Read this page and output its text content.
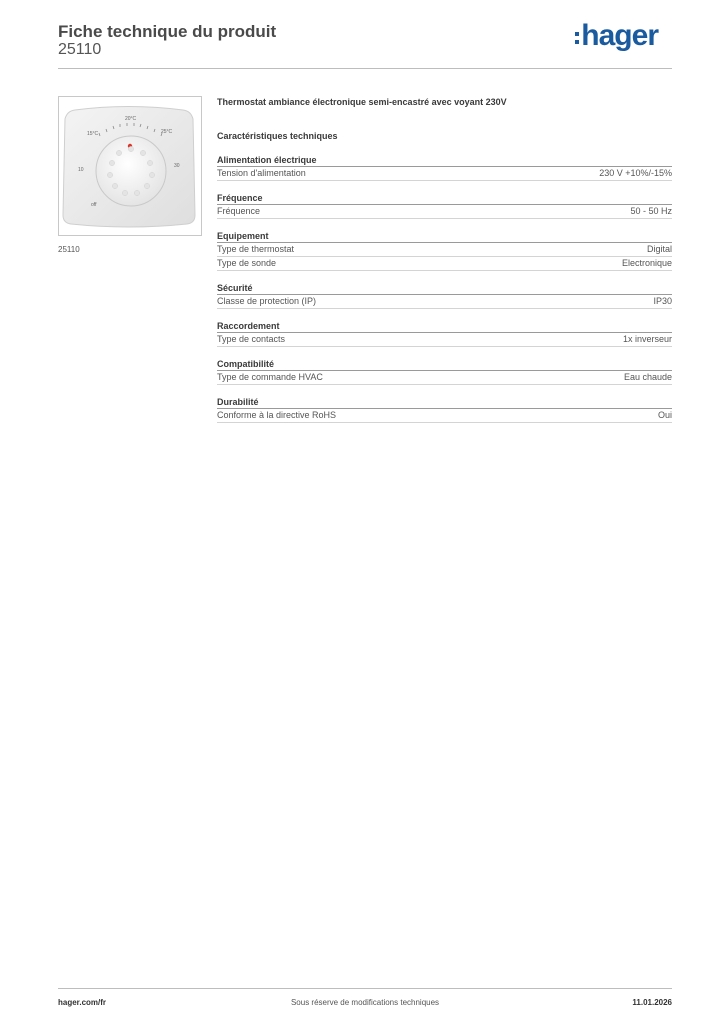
Fiche technique du produit
25110	hager
20°C
15°C	25°C
10
30
off
25110
Thermostat ambiance électronique semi-encastré avec voyant 230V
Caractéristiques techniques
Alimentation électrique
Tension d'alimentation	230 V +10%/-15%
Fréquence
Fréquence	50 - 50 Hz
Equipement
Type de thermostat	Digital
Type de sonde	Electronique
Sécurité
Classe de protection (IP)	IP30
Raccordement
Type de contacts	1x inverseur
Compatibilité
Type de commande HVAC	Eau chaude
Durabilité
Conforme à la directive RoHS	Oui
hager.com/fr	Sous réserve de modifications techniques	11.01.2026
